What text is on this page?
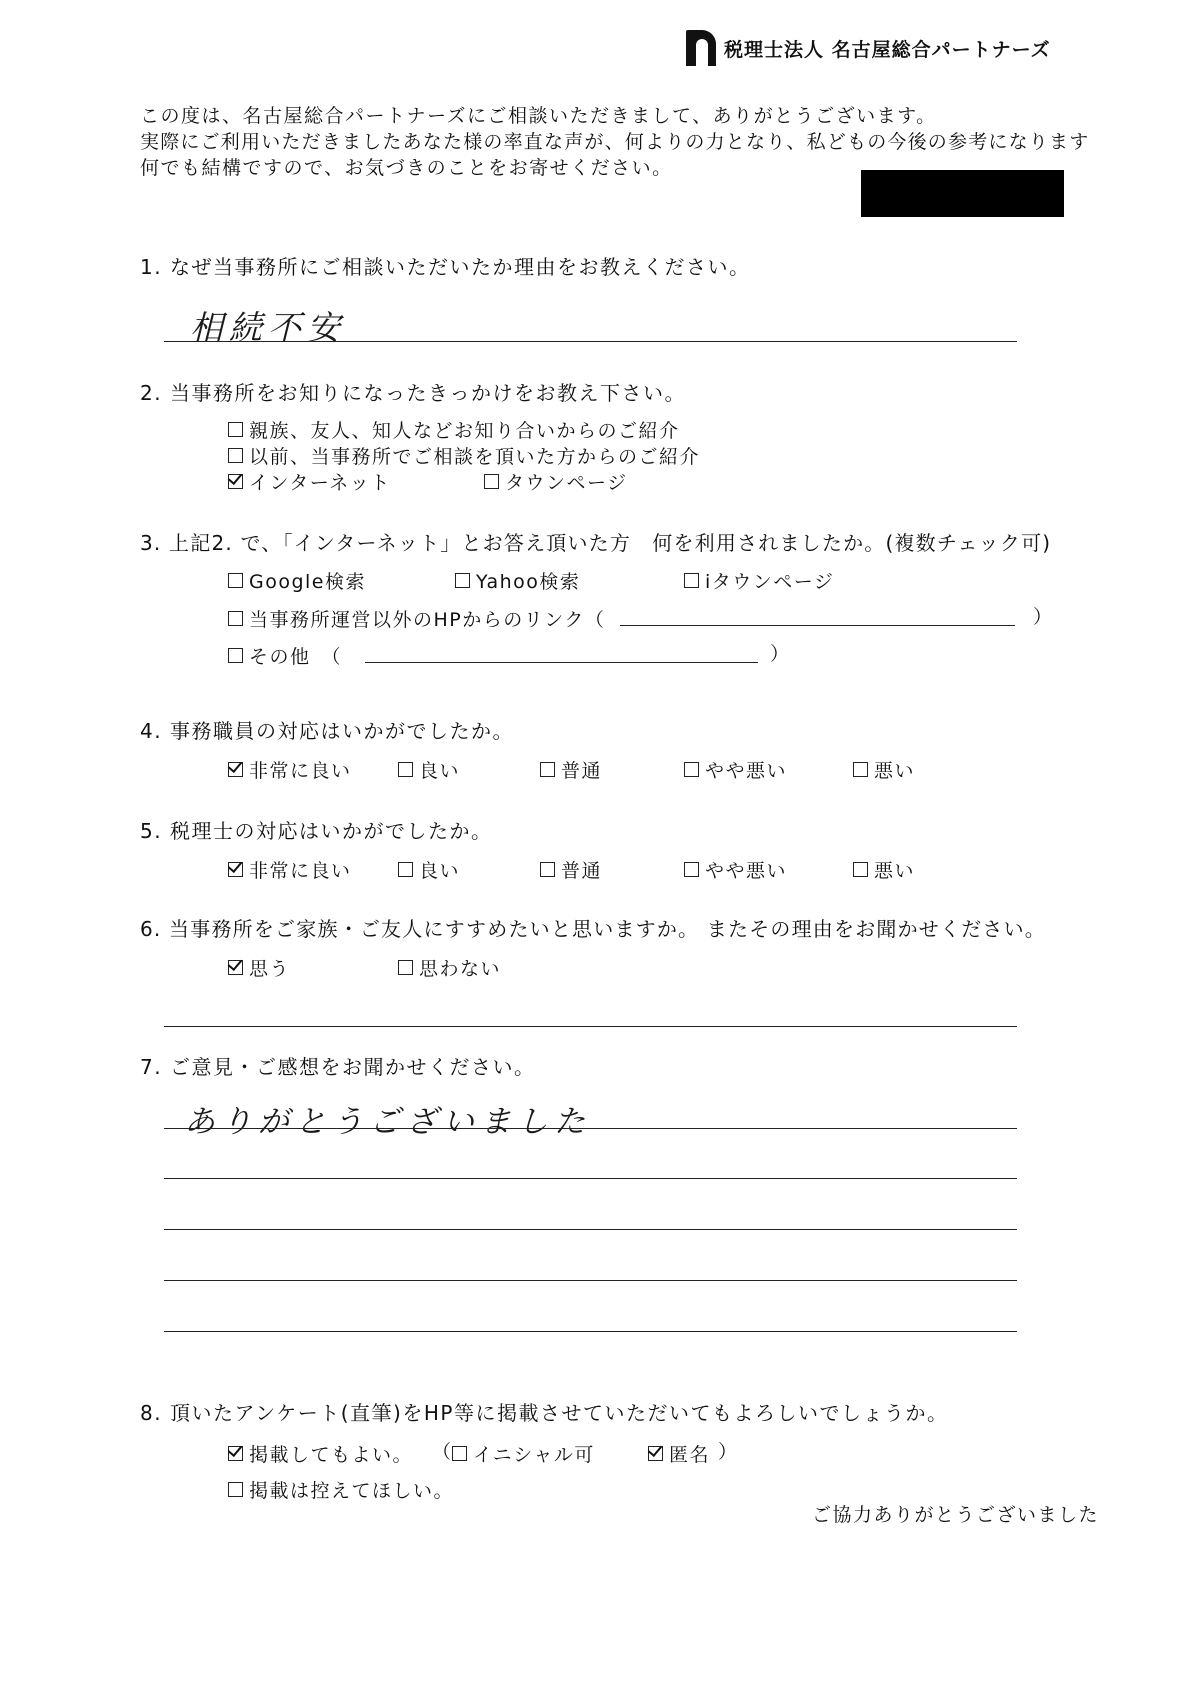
税理士法人 名古屋総合パートナーズ
この度は、名古屋総合パートナーズにご相談いただきまして、ありがとうございます。
実際にご利用いただきましたあなた様の率直な声が、何よりの力となり、私どもの今後の参考になります
何でも結構ですので、お気づきのことをお寄せください。
1. なぜ当事務所にご相談いただいたか理由をお教えください。
相続不安
2. 当事務所をお知りになったきっかけをお教え下さい。
親族、友人、知人などお知り合いからのご紹介
以前、当事務所でご相談を頂いた方からのご紹介
インターネット	タウンページ
3. 上記2. で、「インターネット」とお答え頂いた方　何を利用されましたか。(複数チェック可)
Google検索	Yahoo検索	iタウンページ
当事務所運営以外のHPからのリンク（	）
その他　（	）
4. 事務職員の対応はいかがでしたか。
非常に良い	良い	普通	やや悪い	悪い
5. 税理士の対応はいかがでしたか。
非常に良い	良い	普通	やや悪い	悪い
6. 当事務所をご家族・ご友人にすすめたいと思いますか。 またその理由をお聞かせください。
思う	思わない
7. ご意見・ご感想をお聞かせください。
ありがとうございました
8. 頂いたアンケート(直筆)をHP等に掲載させていただいてもよろしいでしょうか。
掲載してもよい。 （ イニシャル可	匿名 ）
掲載は控えてほしい。
ご協力ありがとうございました
